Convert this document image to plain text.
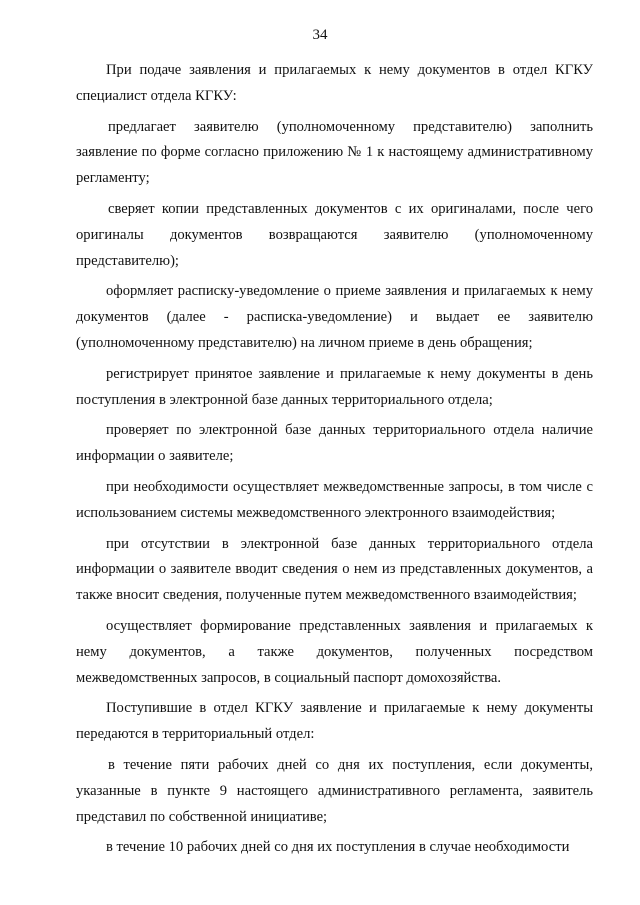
34

При подаче заявления и прилагаемых к нему документов в отдел КГКУ специалист отдела КГКУ:

предлагает заявителю (уполномоченному представителю) заполнить заявление по форме согласно приложению № 1 к настоящему административному регламенту;

сверяет копии представленных документов с их оригиналами, после чего оригиналы документов возвращаются заявителю (уполномоченному представителю);

оформляет расписку-уведомление о приеме заявления и прилагаемых к нему документов (далее - расписка-уведомление) и выдает ее заявителю (уполномоченному представителю) на личном приеме в день обращения;

регистрирует принятое заявление и прилагаемые к нему документы в день поступления в электронной базе данных территориального отдела;

проверяет по электронной базе данных территориального отдела наличие информации о заявителе;

при необходимости осуществляет межведомственные запросы, в том числе с использованием системы межведомственного электронного взаимодействия;

при отсутствии в электронной базе данных территориального отдела информации о заявителе вводит сведения о нем из представленных документов, а также вносит сведения, полученные путем межведомственного взаимодействия;

осуществляет формирование представленных заявления и прилагаемых к нему документов, а также документов, полученных посредством межведомственных запросов, в социальный паспорт домохозяйства.

Поступившие в отдел КГКУ заявление и прилагаемые к нему документы передаются в территориальный отдел:

в течение пяти рабочих дней со дня их поступления, если документы, указанные в пункте 9 настоящего административного регламента, заявитель представил по собственной инициативе;

в течение 10 рабочих дней со дня их поступления в случае необходимости
